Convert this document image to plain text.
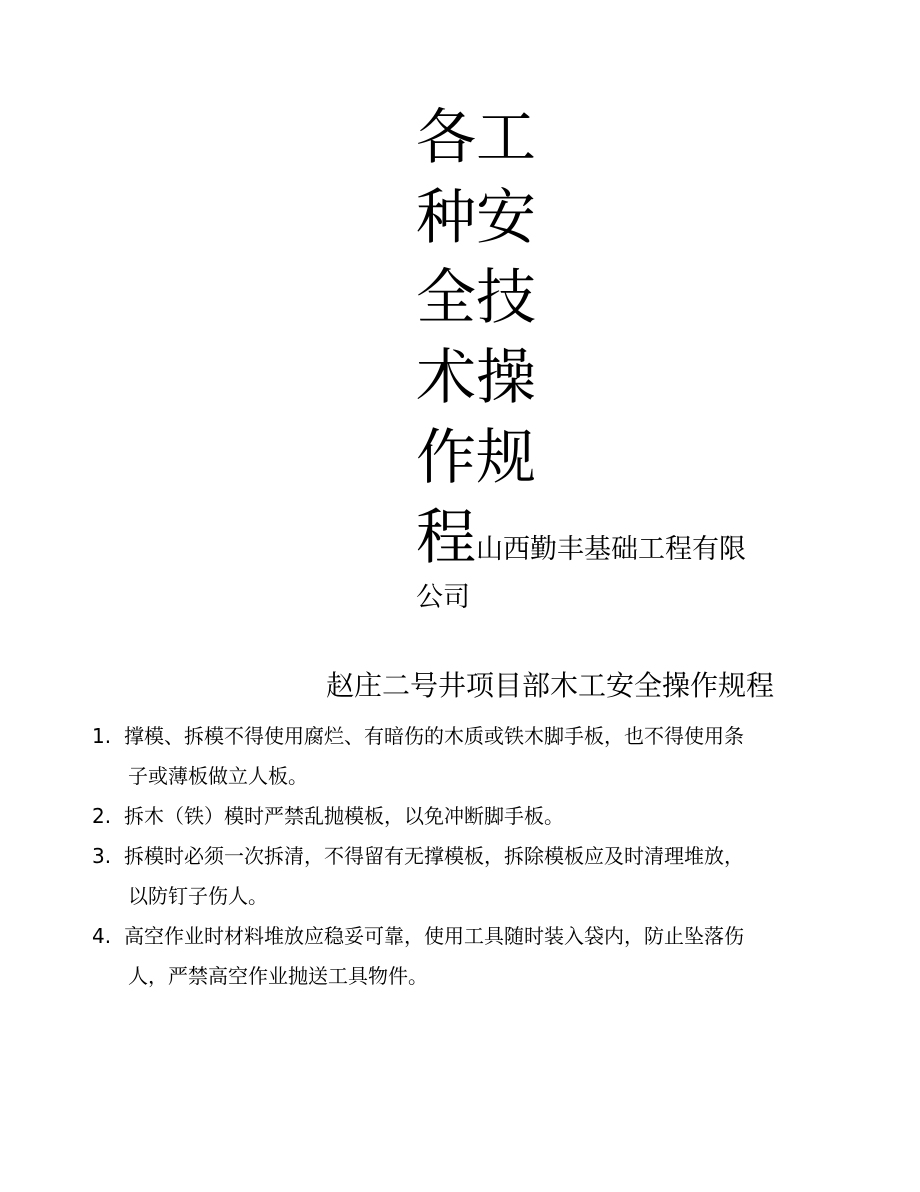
各工
种安
全技
术操
作规
程山西勤丰基础工程有限
公司
赵庄二号井项目部木工安全操作规程
1. 撑模、拆模不得使用腐烂、有暗伤的木质或铁木脚手板，也不得使用条
子或薄板做立人板。
2. 拆木（铁）模时严禁乱抛模板，以免冲断脚手板。
3. 拆模时必须一次拆清，不得留有无撑模板，拆除模板应及时清理堆放，
以防钉子伤人。
4. 高空作业时材料堆放应稳妥可靠，使用工具随时装入袋内，防止坠落伤
人，严禁高空作业抛送工具物件。
